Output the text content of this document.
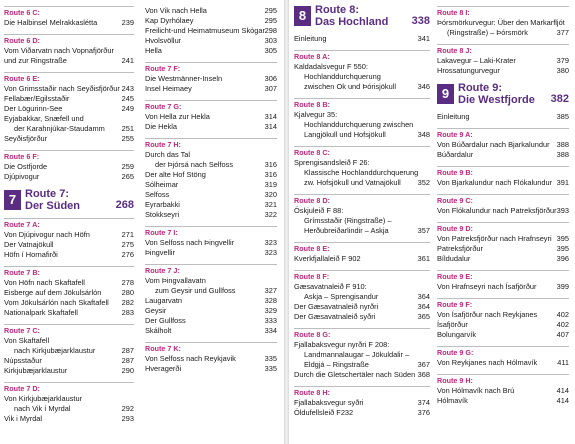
Route 6 C:
Die Halbinsel Melrakkaslétta	239
Route 6 D:
Vom Viðarvatn nach Vopnafjörður
und zur Ringstraße	241
Route 6 E:
Von Grimsstaðir nach Seyðisfjörður 243
Fellabær/Egilsstaðir	245
Der Lögurinn-See	249
Eyjabakkar, Snæfell und
der Karahnjúkar-Staudamm 251
Seyðisfjörður	255
Route 6 F:
Die Ostfjorde	259
Djúpivogur	265
7 Route 7:
Der Süden	268
Route 7 A:
Von Djúpivogur nach Höfn	271
Der Vatnajökull	275
Höfn í Hornafirði	276
Route 7 B:
Von Höfn nach Skaftafell	278
Eisberge auf dem Jökulsárlón	280
Vom Jökulsárlón nach Skaftafell 282
Nationalpark Skaftafell	283
Route 7 C:
Von Skaftafell
nach Kirkjubæjarklaustur	287
Núpsstaður	287
Kirkjubæjarklaustur	290
Route 7 D:
Von Kirkjubæjarklaustur
nach Vik í Myrdal	292
Vik i Myrdal	293
Von Vik nach Hella	295
Kap Dyrhólaey	295
Freilicht-und Heimatmuseum Skógar 298
Hvolsvöllur	303
Hella	305
Route 7 F:
Die Westmänner-Inseln	306
Insel Heimaey	307
Route 7 G:
Von Hella zur Hekla	314
Die Hekla	314
Route 7 H:
Durch das Tal
der Þjórsá nach Selfoss	316
Der alte Hof Stöng	316
Sólheimar	319
Selfoss	320
Eyrarbakki	321
Stokkseyri	322
Route 7 I:
Von Selfoss nach Þingvellir	323
Þingvellir	323
Route 7 J:
Vom Þingvallavatn
zum Geysir und Gullfoss	327
Laugarvatn	328
Geysir	329
Der Gullfoss	333
Skálholt	334
Route 7 K:
Von Selfoss nach Reykjavik	335
Hveragerði	335
8 Route 8:
Das Hochland 338
Einleitung	341
Route 8 A:
Kaldadalsvegur F 550:
Hochlanddurchquerung
zwischen Ok und Þórisjökull	346
Route 8 B:
Kjalvegur 35:
Hochlanddurchquerung zwischen
Langjökull und Hofsjökull	348
Route 8 C:
Sprengisandsleið F 26:
Klassische Hochlanddurchquerung
zw. Hofsjökull und Vatnajökull 352
Route 8 D:
Öskjuleið F 88:
Grímsstaðir (Ringstraße) –
Herðubreiðarlindir – Askja	357
Route 8 E:
Kverkfjallaleið F 902	361
Route 8 F:
Gæsavatnaleið F 910:
Askja – Sprengisandur	364
Der Gæsavatnaleið nyrðri	364
Der Gæsavatnaleið syðri	365
Route 8 G:
Fjallabaksvegur nyrðri F 208:
Landmannalaugar – Jökuldalir –
Eldgjá – Ringstraße	367
Durch die Gletschertäler nach Süden 368
Route 8 H:
Fjallabaksvegur syðri	374
Öldufellsleið F232	376
Route 8 I:
Þórsmörkurvegur: Über den Markarfljót
(Ringstraße) – Þórsmörk	377
Route 8 J:
Lakavegur – Laki-Krater	379
Hrossatungurvegur	380
9 Route 9:
Die Westfjorde 382
Einleitung	385
Route 9 A:
Von Búðardalur nach Bjarkalundur 388
Búðardalur	388
Route 9 B:
Von Bjarkalundur nach Flókalundur 391
Route 9 C:
Von Flókalundur nach Patreksfjörður 393
Route 9 D:
Von Patreksfjörður nach Hrafnseyri 395
Patreksfjörður	395
Bíldudalur	396
Route 9 E:
Von Hrafnseyri nach Ísafjörður	399
Route 9 F:
Von Ísafjörður nach Reykjanes	402
Ísafjörður	402
Bolungarvík	407
Route 9 G:
Von Reykjanes nach Hólmavík	411
Route 9 H:
Von Hólmavík nach Brú	414
Hólmavík	414
